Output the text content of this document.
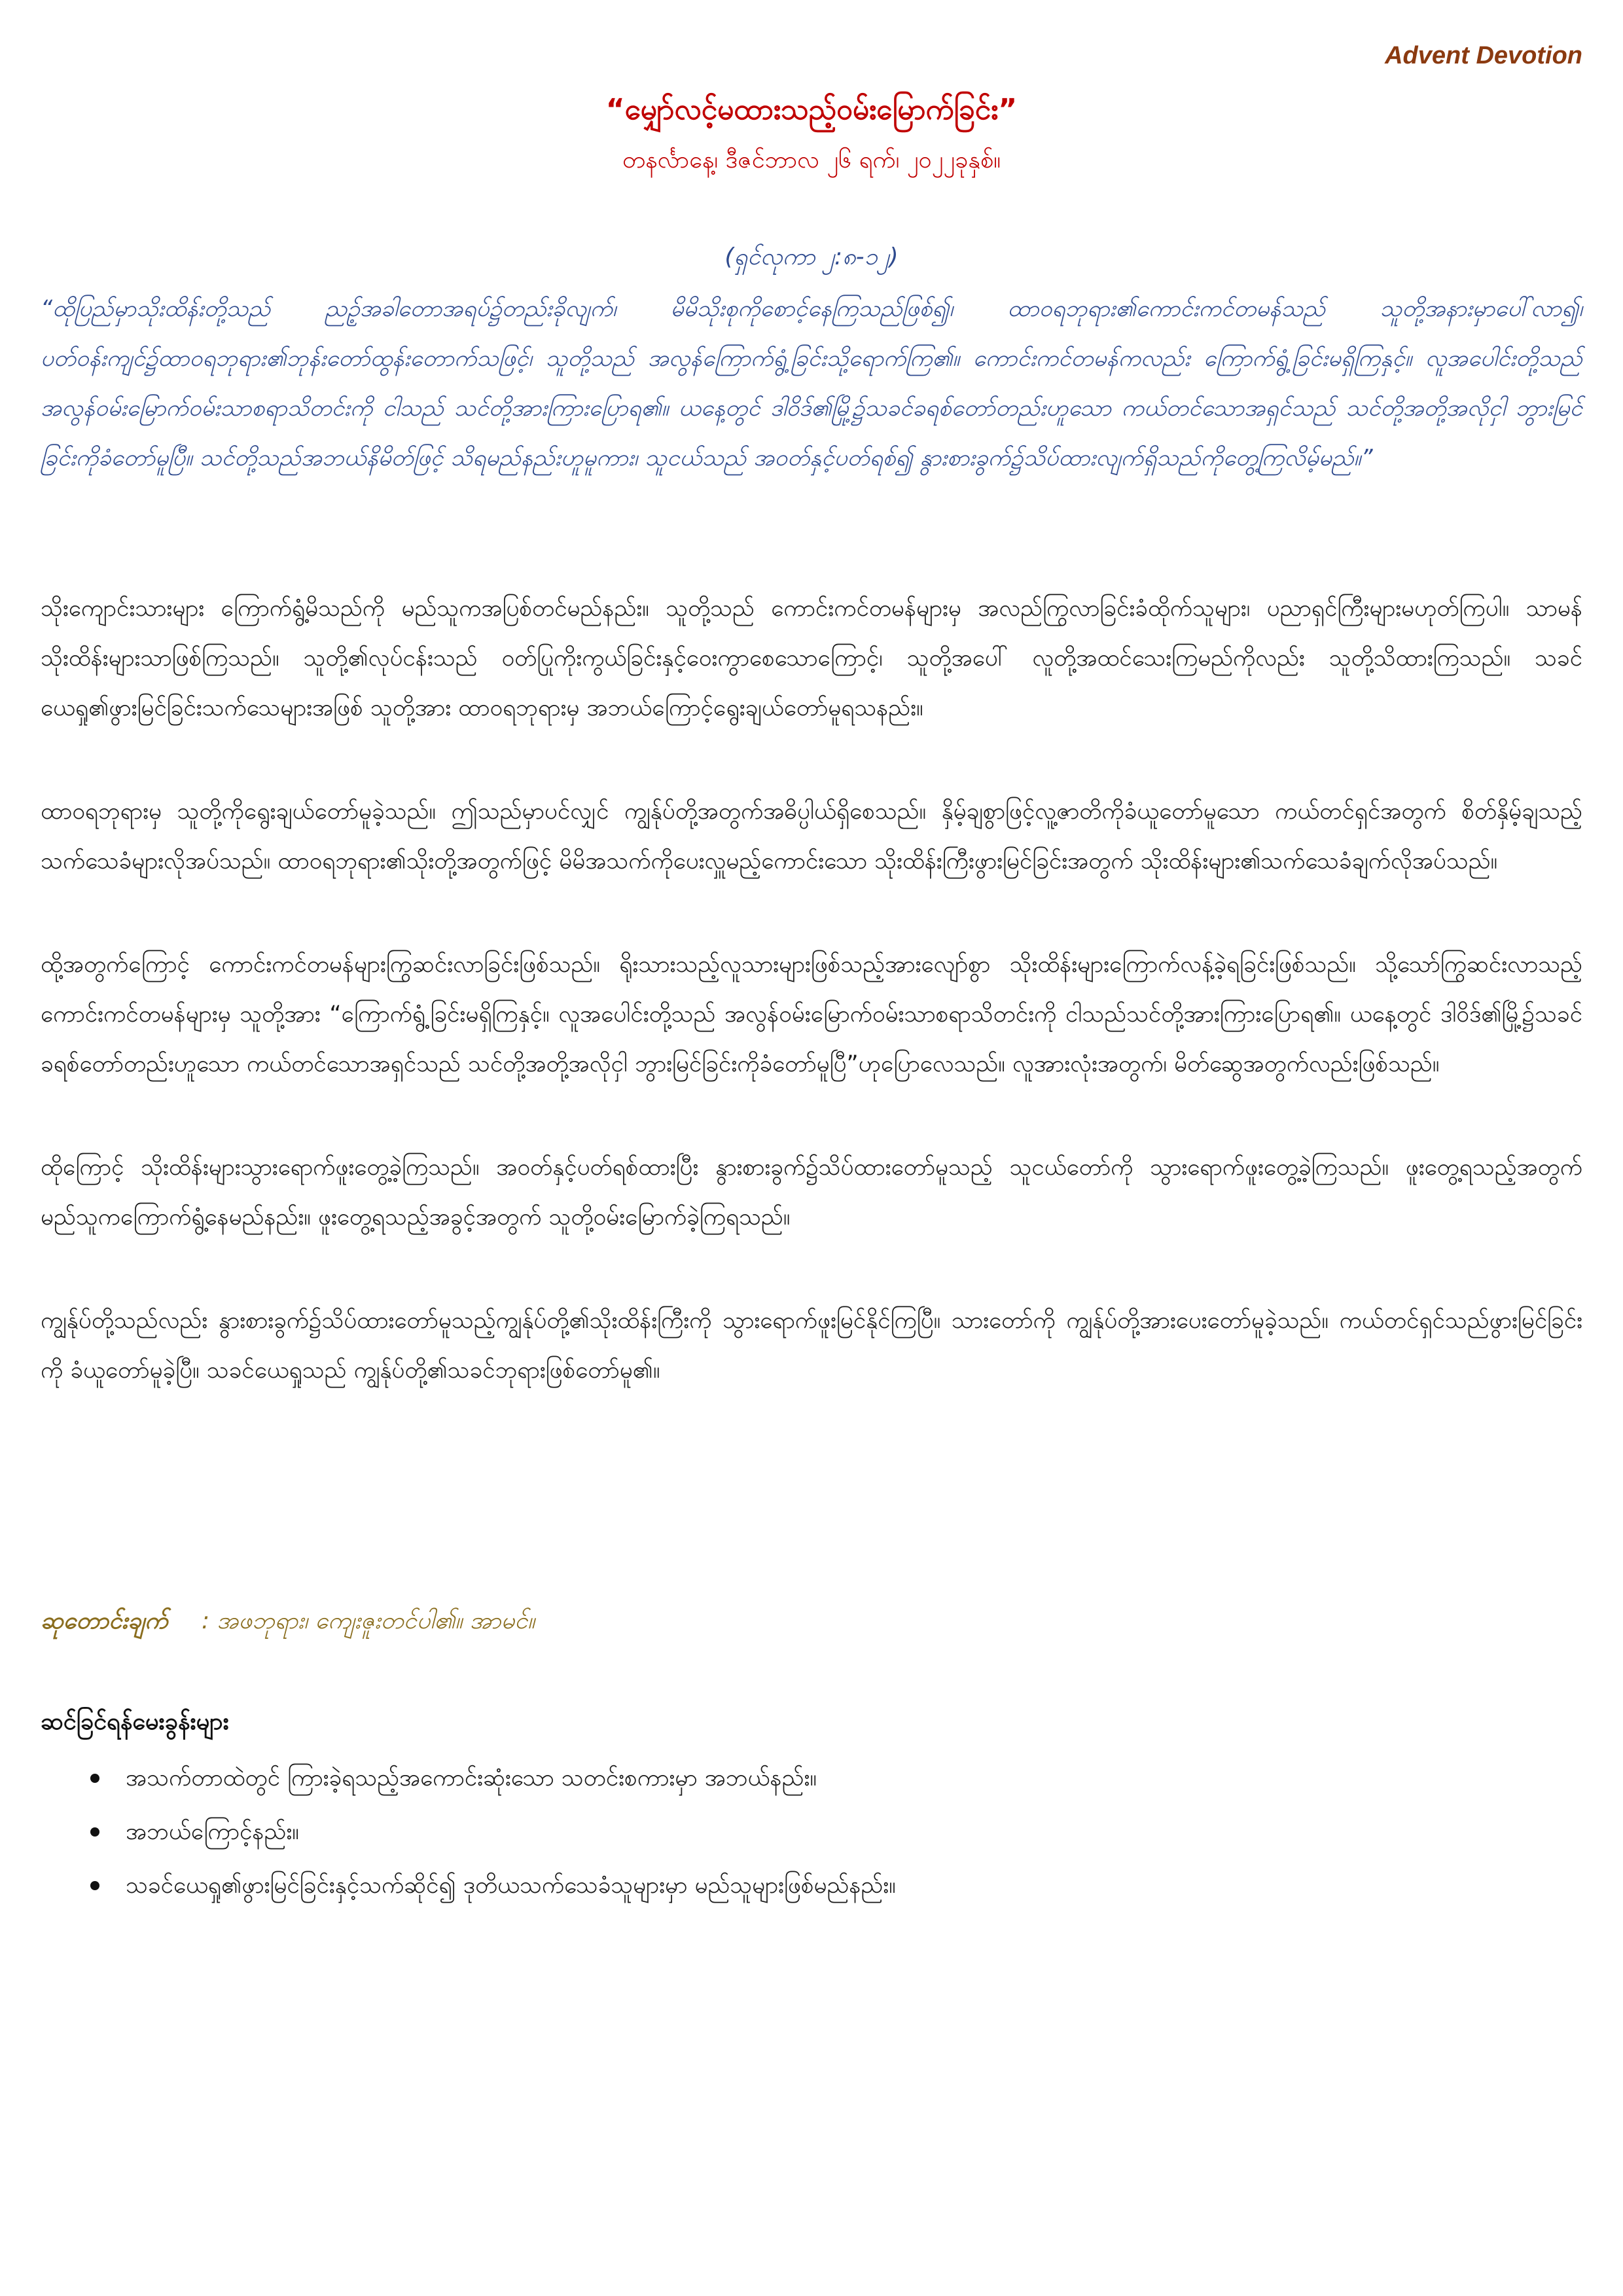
Advent Devotion
“မျှော်လင့်မထားသည့်ဝမ်းမြောက်ခြင်း”
တနင်္လာနေ့၊ ဒီဇင်ဘာလ ၂၆ ရက်၊ ၂၀၂၂ခုနှစ်။

(ရှင်လုကာ ၂:၈-၁၂)

“ထိုပြည်မှာသိုးထိန်းတို့သည် ညဉ့်အခါတောအရပ်၌တည်းခိုလျက်၊ မိမိသိုးစုကိုစောင့်နေကြသည်ဖြစ်၍၊ ထာဝရဘုရား၏ကောင်းကင်တမန်သည် သူတို့အနားမှာပေါ်လာ၍၊ ပတ်ဝန်းကျင်၌ထာဝရဘုရား၏ဘုန်းတော်ထွန်းတောက်သဖြင့်၊ သူတို့သည် အလွန်ကြောက်ရွံ့ခြင်းသို့ရောက်ကြ၏။ ကောင်းကင်တမန်ကလည်း ကြောက်ရွံ့ခြင်းမရှိကြနှင့်။ လူအပေါင်းတို့သည် အလွန်ဝမ်းမြောက်ဝမ်းသာစရာသိတင်းကို ငါသည် သင်တို့အားကြားပြောရ၏။ ယနေ့တွင် ဒါဝိဒ်၏မြို့၌သခင်ခရစ်တော်တည်းဟူသော ကယ်တင်သောအရှင်သည် သင်တို့အတို့အလိုငှါ ဘွားမြင်ခြင်းကိုခံတော်မူပြီ။ သင်တို့သည်အဘယ်နိမိတ်ဖြင့် သိရမည်နည်းဟူမူကား၊ သူငယ်သည် အဝတ်နှင့်ပတ်ရစ်၍ နွားစားခွက်၌သိပ်ထားလျက်ရှိသည်ကိုတွေ့ကြလိမ့်မည်။”

သိုးကျောင်းသားများ ကြောက်ရွံ့မိသည်ကို မည်သူကအပြစ်တင်မည်နည်း။ သူတို့သည် ကောင်းကင်တမန်များမှ အလည်ကြွလာခြင်းခံထိုက်သူများ၊ ပညာရှင်ကြီးများမဟုတ်ကြပါ။ သာမန်သိုးထိန်းများသာဖြစ်ကြသည်။ သူတို့၏လုပ်ငန်းသည် ဝတ်ပြုကိုးကွယ်ခြင်းနှင့်ဝေးကွာစေသောကြောင့်၊ သူတို့အပေါ် လူတို့အထင်သေးကြမည်ကိုလည်း သူတို့သိထားကြသည်။ သခင်ယေရှု၏ဖွားမြင်ခြင်းသက်သေများအဖြစ် သူတို့အား ထာဝရဘုရားမှ အဘယ်ကြောင့်ရွေးချယ်တော်မူရသနည်း။

ထာဝရဘုရားမှ သူတို့ကိုရွေးချယ်တော်မူခဲ့သည်။ ဤသည်မှာပင်လျှင် ကျွန်ုပ်တို့အတွက်အဓိပ္ပါယ်ရှိစေသည်။ နှိမ့်ချစွာဖြင့်လူ့ဇာတိကိုခံယူတော်မူသော ကယ်တင်ရှင်အတွက် စိတ်နှိမ့်ချသည့်သက်သေခံများလိုအပ်သည်။ ထာဝရဘုရား၏သိုးတို့အတွက်ဖြင့် မိမိအသက်ကိုပေးလှူမည့်ကောင်းသော သိုးထိန်းကြီးဖွားမြင်ခြင်းအတွက် သိုးထိန်းများ၏သက်သေခံချက်လိုအပ်သည်။

ထို့အတွက်ကြောင့် ကောင်းကင်တမန်များကြွဆင်းလာခြင်းဖြစ်သည်။ ရိုးသားသည့်လူသားများဖြစ်သည့်အားလျော်စွာ သိုးထိန်းများကြောက်လန့်ခဲ့ရခြင်းဖြစ်သည်။ သို့သော်ကြွဆင်းလာသည့်ကောင်းကင်တမန်များမှ သူတို့အား “ကြောက်ရွံ့ခြင်းမရှိကြနှင့်။ လူအပေါင်းတို့သည် အလွန်ဝမ်းမြောက်ဝမ်းသာစရာသိတင်းကို ငါသည်သင်တို့အားကြားပြောရ၏။ ယနေ့တွင် ဒါဝိဒ်၏မြို့၌သခင်ခရစ်တော်တည်းဟူသော ကယ်တင်သောအရှင်သည် သင်တို့အတို့အလိုငှါ ဘွားမြင်ခြင်းကိုခံတော်မူပြီ”ဟုပြောလေသည်။ လူအားလုံးအတွက်၊ မိတ်ဆွေအတွက်လည်းဖြစ်သည်။

ထိုကြောင့် သိုးထိန်းများသွားရောက်ဖူးတွေ့ခဲ့ကြသည်။ အဝတ်နှင့်ပတ်ရစ်ထားပြီး နွားစားခွက်၌သိပ်ထားတော်မူသည့် သူငယ်တော်ကို သွားရောက်ဖူးတွေ့ခဲ့ကြသည်။ ဖူးတွေ့ရသည့်အတွက် မည်သူကကြောက်ရွံ့နေမည်နည်း။ ဖူးတွေ့ရသည့်အခွင့်အတွက် သူတို့ဝမ်းမြောက်ခဲ့ကြရသည်။

ကျွန်ုပ်တို့သည်လည်း နွားစားခွက်၌သိပ်ထားတော်မူသည့်ကျွန်ုပ်တို့၏သိုးထိန်းကြီးကို သွားရောက်ဖူးမြင်နိုင်ကြပြီ။ သားတော်ကို ကျွန်ုပ်တို့အားပေးတော်မူခဲ့သည်။ ကယ်တင်ရှင်သည်ဖွားမြင်ခြင်းကို ခံယူတော်မူခဲ့ပြီ။ သခင်ယေရှုသည် ကျွန်ုပ်တို့၏သခင်ဘုရားဖြစ်တော်မူ၏။

ဆုတောင်းချက် : အဖဘုရား၊ ကျေးဇူးတင်ပါ၏။ အာမင်။
ဆင်ခြင်ရန်မေးခွန်းများ
အသက်တာထဲတွင် ကြားခဲ့ရသည့်အကောင်းဆုံးသော သတင်းစကားမှာ အဘယ်နည်း။
အဘယ်ကြောင့်နည်း။
သခင်ယေရှု၏ဖွားမြင်ခြင်းနှင့်သက်ဆိုင်၍ ဒုတိယသက်သေခံသူများမှာ မည်သူများဖြစ်မည်နည်း။
